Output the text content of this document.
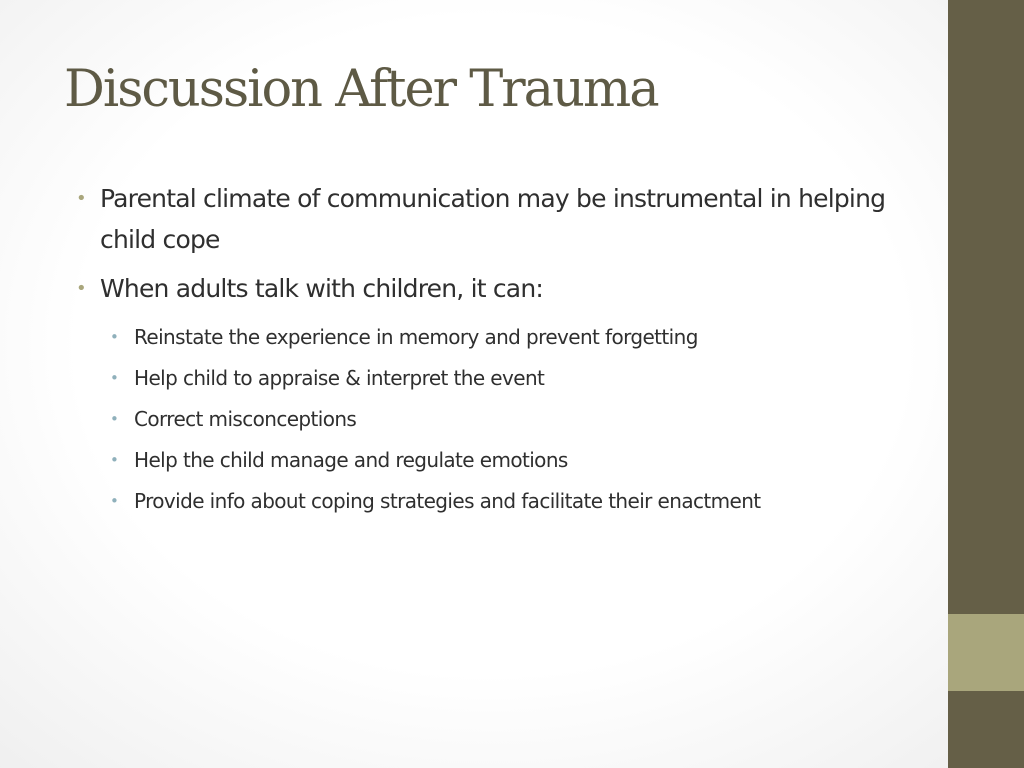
Discussion After Trauma
• Parental climate of communication may be instrumental in helping child cope
• When adults talk with children, it can:
• Reinstate the experience in memory and prevent forgetting
• Help child to appraise & interpret the event
• Correct misconceptions
• Help the child manage and regulate emotions
• Provide info about coping strategies and facilitate their enactment
